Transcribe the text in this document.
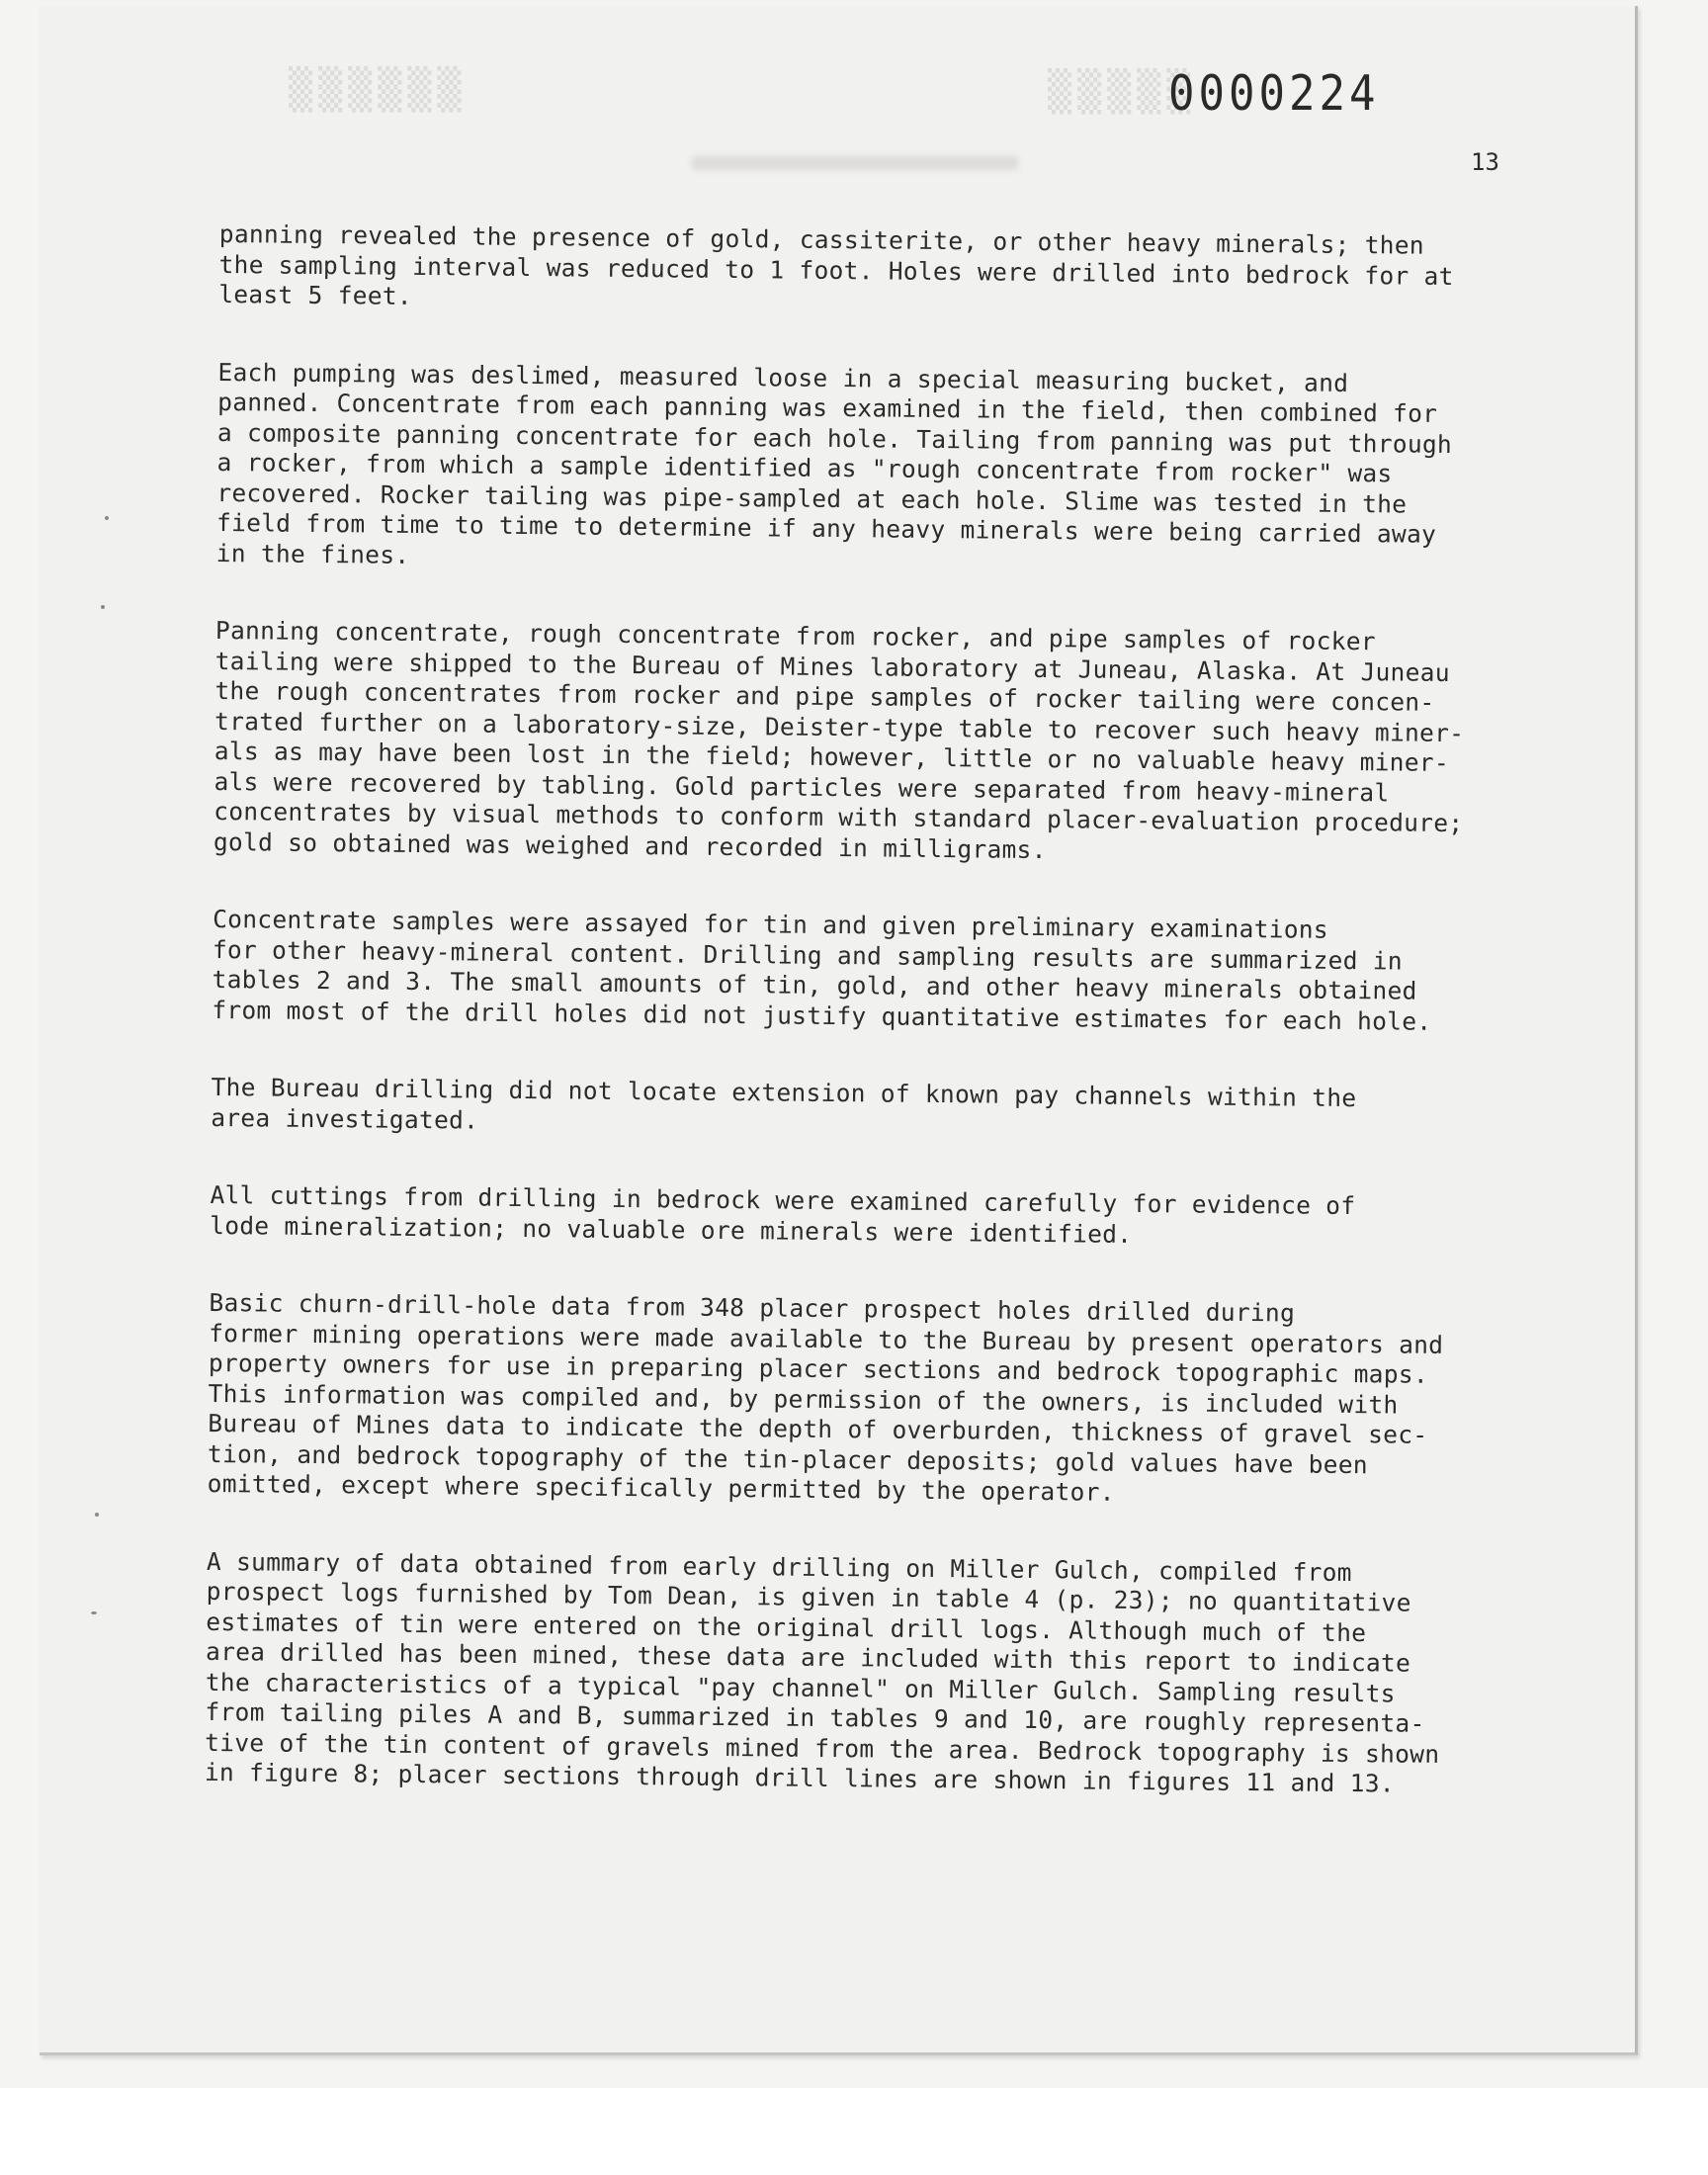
▒▒▒▒▒▒	▒▒▒▒▒
0000224
13

panning revealed the presence of gold, cassiterite, or other heavy minerals; then
the sampling interval was reduced to 1 foot. Holes were drilled into bedrock for at
least 5 feet.

Each pumping was deslimed, measured loose in a special measuring bucket, and
panned. Concentrate from each panning was examined in the field, then combined for
a composite panning concentrate for each hole. Tailing from panning was put through
a rocker, from which a sample identified as "rough concentrate from rocker" was
recovered. Rocker tailing was pipe-sampled at each hole. Slime was tested in the
field from time to time to determine if any heavy minerals were being carried away
in the fines.

Panning concentrate, rough concentrate from rocker, and pipe samples of rocker
tailing were shipped to the Bureau of Mines laboratory at Juneau, Alaska. At Juneau
the rough concentrates from rocker and pipe samples of rocker tailing were concen-
trated further on a laboratory-size, Deister-type table to recover such heavy miner-
als as may have been lost in the field; however, little or no valuable heavy miner-
als were recovered by tabling. Gold particles were separated from heavy-mineral
concentrates by visual methods to conform with standard placer-evaluation procedure;
gold so obtained was weighed and recorded in milligrams.

Concentrate samples were assayed for tin and given preliminary examinations
for other heavy-mineral content. Drilling and sampling results are summarized in
tables 2 and 3. The small amounts of tin, gold, and other heavy minerals obtained
from most of the drill holes did not justify quantitative estimates for each hole.

The Bureau drilling did not locate extension of known pay channels within the
area investigated.

All cuttings from drilling in bedrock were examined carefully for evidence of
lode mineralization; no valuable ore minerals were identified.

Basic churn-drill-hole data from 348 placer prospect holes drilled during
former mining operations were made available to the Bureau by present operators and
property owners for use in preparing placer sections and bedrock topographic maps.
This information was compiled and, by permission of the owners, is included with
Bureau of Mines data to indicate the depth of overburden, thickness of gravel sec-
tion, and bedrock topography of the tin-placer deposits; gold values have been
omitted, except where specifically permitted by the operator.

A summary of data obtained from early drilling on Miller Gulch, compiled from
prospect logs furnished by Tom Dean, is given in table 4 (p. 23); no quantitative
estimates of tin were entered on the original drill logs. Although much of the
area drilled has been mined, these data are included with this report to indicate
the characteristics of a typical "pay channel" on Miller Gulch. Sampling results
from tailing piles A and B, summarized in tables 9 and 10, are roughly representa-
tive of the tin content of gravels mined from the area. Bedrock topography is shown
in figure 8; placer sections through drill lines are shown in figures 11 and 13.
